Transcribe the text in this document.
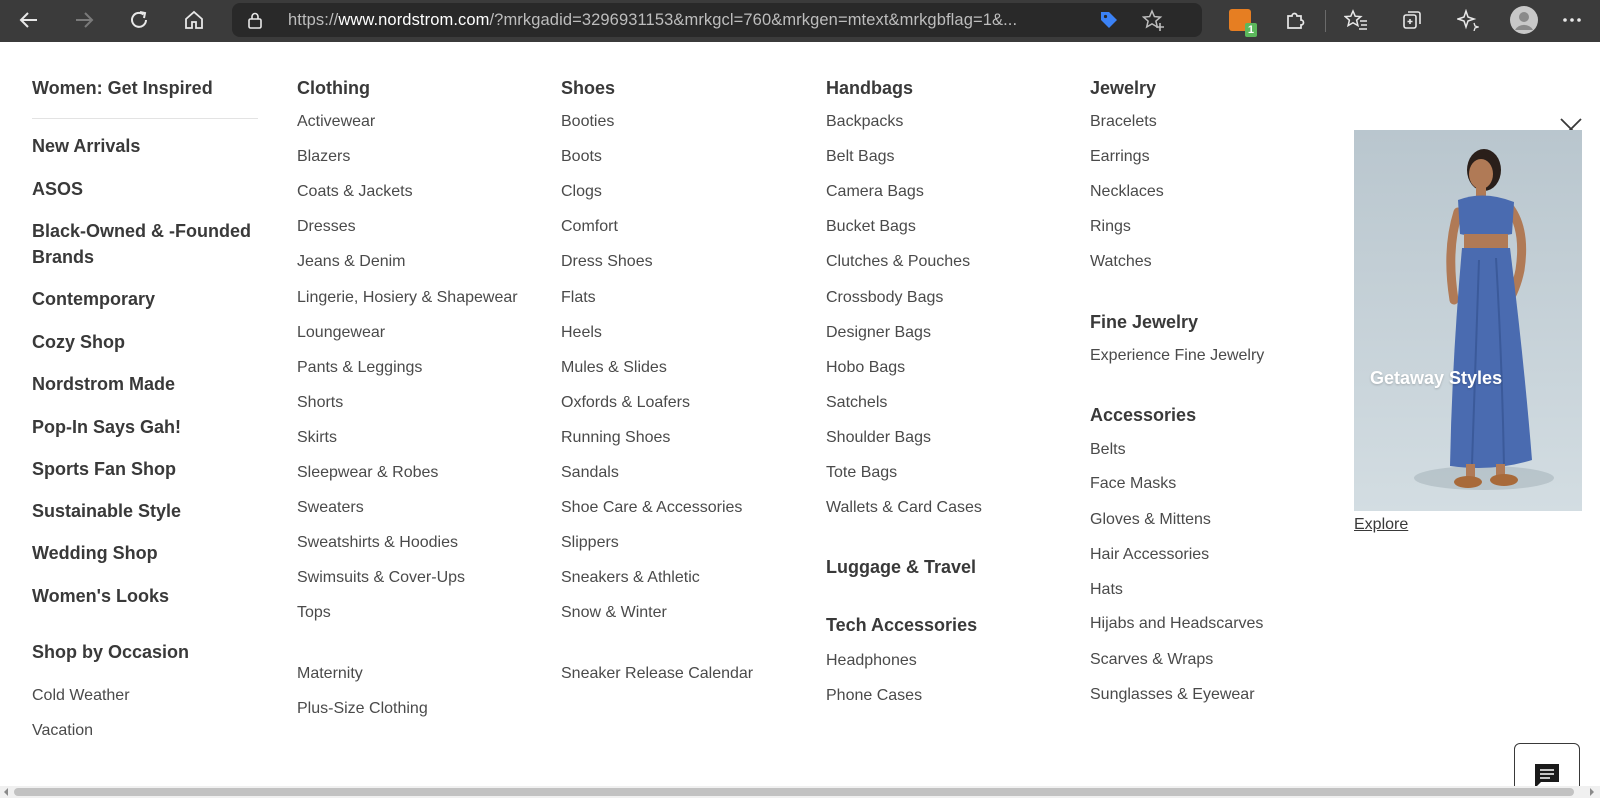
https://www.nordstrom.com/?mrkgadid=3296931153&mrkgcl=760&mrkgen=mtext&mrkgbflag=1&...
1
Women: Get Inspired
New Arrivals
ASOS
Black-Owned & -Founded Brands
Contemporary
Cozy Shop
Nordstrom Made
Pop-In Says Gah!
Sports Fan Shop
Sustainable Style
Wedding Shop
Women's Looks
Shop by Occasion
Cold Weather
Vacation
Clothing
Activewear
Blazers
Coats & Jackets
Dresses
Jeans & Denim
Lingerie, Hosiery & Shapewear
Loungewear
Pants & Leggings
Shorts
Skirts
Sleepwear & Robes
Sweaters
Sweatshirts & Hoodies
Swimsuits & Cover-Ups
Tops
Maternity
Plus-Size Clothing
Shoes
Booties
Boots
Clogs
Comfort
Dress Shoes
Flats
Heels
Mules & Slides
Oxfords & Loafers
Running Shoes
Sandals
Shoe Care & Accessories
Slippers
Sneakers & Athletic
Snow & Winter
Sneaker Release Calendar
Handbags
Backpacks
Belt Bags
Camera Bags
Bucket Bags
Clutches & Pouches
Crossbody Bags
Designer Bags
Hobo Bags
Satchels
Shoulder Bags
Tote Bags
Wallets & Card Cases
Luggage & Travel
Tech Accessories
Headphones
Phone Cases
Jewelry
Bracelets
Earrings
Necklaces
Rings
Watches
Fine Jewelry
Experience Fine Jewelry
Accessories
Belts
Face Masks
Gloves & Mittens
Hair Accessories
Hats
Hijabs and Headscarves
Scarves & Wraps
Sunglasses & Eyewear
Getaway Styles
Explore
